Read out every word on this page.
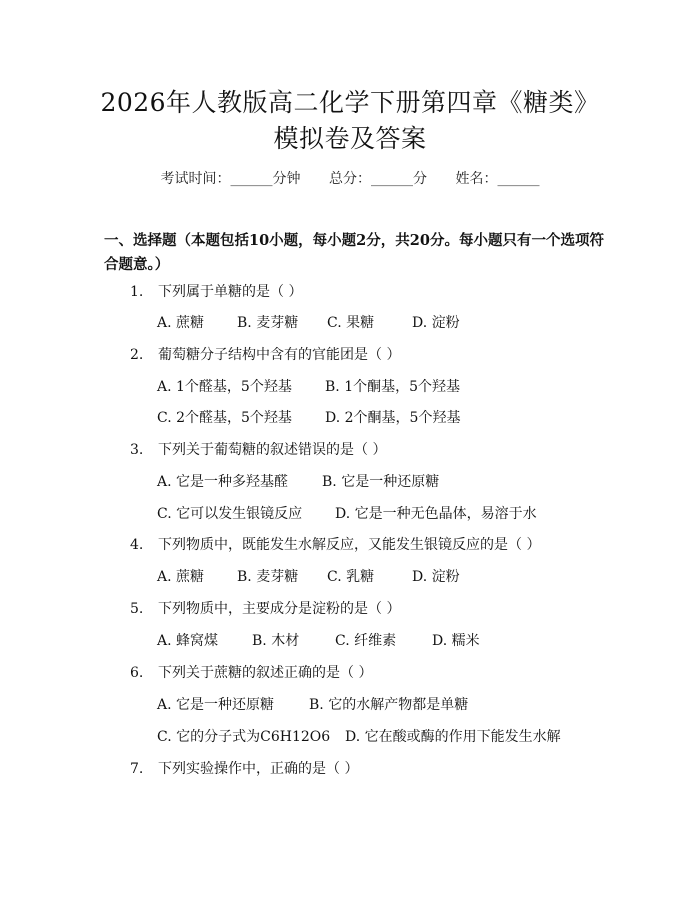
2026年人教版高二化学下册第四章《糖类》
模拟卷及答案
考试时间：______分钟 总分：______分 姓名：______
一、选择题（本题包括10小题，每小题2分，共20分。每小题只有一个选项符合题意。）
1. 下列属于单糖的是（ ）
A. 蔗糖 B. 麦芽糖 C. 果糖	D. 淀粉
2. 葡萄糖分子结构中含有的官能团是（ ）
A. 1个醛基，5个羟基 B. 1个酮基，5个羟基
C. 2个醛基，5个羟基 D. 2个酮基，5个羟基
3. 下列关于葡萄糖的叙述错误的是（ ）
A. 它是一种多羟基醛 B. 它是一种还原糖
C. 它可以发生银镜反应 D. 它是一种无色晶体，易溶于水
4. 下列物质中，既能发生水解反应，又能发生银镜反应的是（ ）
A. 蔗糖 B. 麦芽糖 C. 乳糖	D. 淀粉
5. 下列物质中，主要成分是淀粉的是（ ）
A. 蜂窝煤 B. 木材	C. 纤维素	D. 糯米
6. 下列关于蔗糖的叙述正确的是（ ）
A. 它是一种还原糖 B. 它的水解产物都是单糖
C. 它的分子式为C6H12O6 D. 它在酸或酶的作用下能发生水解
7. 下列实验操作中，正确的是（ ）
